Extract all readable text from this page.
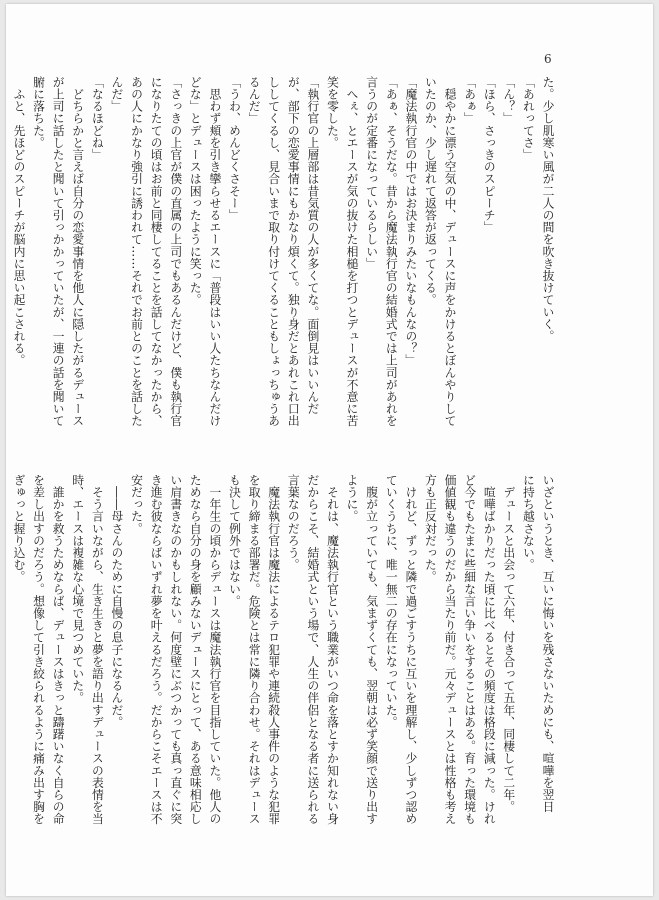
6
た。少し肌寒い風が二人の間を吹き抜けていく。
「あれってさ」
「ん？」
「ほら、さっきのスピーチ」
「あぁ」
　穏やかに漂う空気の中、デュースに声をかけるとぼんやりして
いたのか、少し遅れて返答が返ってくる。
「魔法執行官の中ではお決まりみたいなもんなの？」
「あぁ、そうだな。昔から魔法執行官の結婚式では上司があれを
言うのが定番になっているらしい」
　へぇ、とエースが気の抜けた相槌を打つとデュースが不意に苦
笑を零した。
「執行官の上層部は昔気質の人が多くてな。面倒見はいいんだ
が、部下の恋愛事情にもかなり煩くて。独り身だとあれこれ口出
ししてくるし、見合いまで取り付けてくることもしょっちゅうあ
るんだ」
「うわ、めんどくさそー」
　思わず頬を引き攣らせるエースに「普段はいい人たちなんだけ
どな」とデュースは困ったように笑った。
「さっきの上官が僕の直属の上司でもあるんだけど、僕も執行官
になりたての頃はお前と同棲してることを話してなかったから、
あの人にかなり強引に誘われて……それでお前とのことを話した
んだ」
「なるほどね」
　どちらかと言えば自分の恋愛事情を他人に隠したがるデュース
が上司に話したと聞いて引っかかっていたが、一連の話を聞いて
腑に落ちた。
　ふと、先ほどのスピーチが脳内に思い起こされる。
いざというとき、互いに悔いを残さないためにも、喧嘩を翌日
に持ち越さない。
　デュースと出会って六年、付き合って五年、同棲して二年。
　喧嘩ばかりだった頃に比べるとその頻度は格段に減った。けれ
ど今でもたまに些細な言い争いをすることはある。育った環境も
価値観も違うのだから当たり前だ。元々デュースとは性格も考え
方も正反対だった。
　けれど、ずっと隣で過ごすうちに互いを理解し、少しずつ認め
ていくうちに、唯一無二の存在になっていた。
　腹が立っていても、気まずくても、翌朝は必ず笑顔で送り出す
ように。
　それは、魔法執行官という職業がいつ命を落とすか知れない身
だからこそ、結婚式という場で、人生の伴侶となる者に送られる
言葉なのだろう。
　魔法執行官は魔法によるテロ犯罪や連続殺人事件のような犯罪
を取り締まる部署だ。危険とは常に隣り合わせ。それはデュース
も決して例外ではない。
　一年生の頃からデュースは魔法執行官を目指していた。他人の
ためなら自分の身を顧みないデュースにとって、ある意味相応し
い肩書きなのかもしれない。何度壁にぶつかっても真っ直ぐに突
き進む彼ならばいずれ夢を叶えるだろう。だからこそエースは不
安だった。
　――母さんのために自慢の息子になるんだ。
　そう言いながら、生き生きと夢を語り出すデュースの表情を当
時、エースは複雑な心境で見つめていた。
　誰かを救うためならば、デュースはきっと躊躇いなく自らの命
を差し出すのだろう。想像して引き絞られるように痛み出す胸を
ぎゅっと握り込む。
